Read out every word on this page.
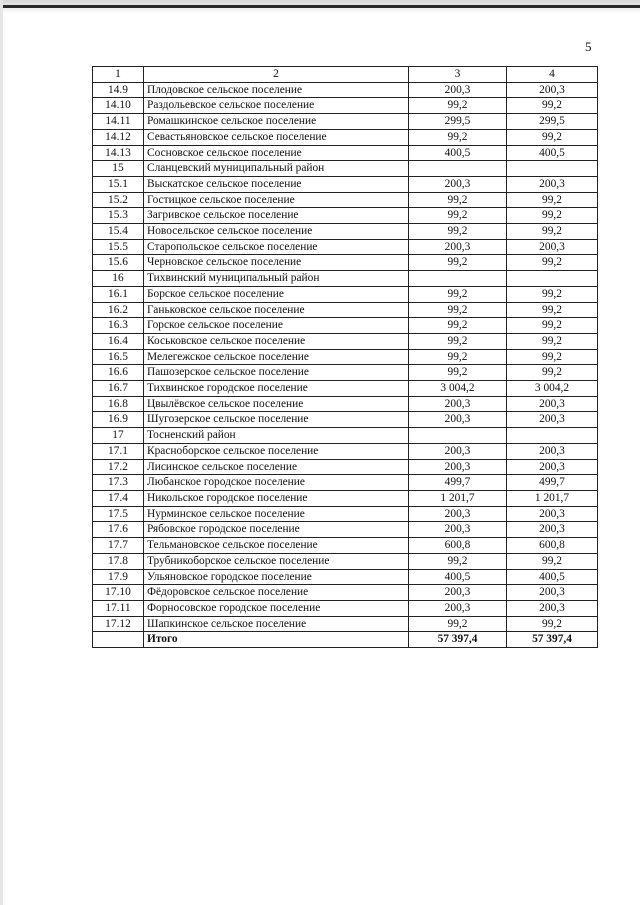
5
1	2	3	4
14.9	Плодовское сельское поселение	200,3	200,3
14.10	Раздольевское сельское поселение	99,2	99,2
14.11	Ромашкинское сельское поселение	299,5	299,5
14.12	Севастьяновское сельское поселение	99,2	99,2
14.13	Сосновское сельское поселение	400,5	400,5
15	Сланцевский муниципальный район		
15.1	Выскатское сельское поселение	200,3	200,3
15.2	Гостицкое сельское поселение	99,2	99,2
15.3	Загривское сельское поселение	99,2	99,2
15.4	Новосельское сельское поселение	99,2	99,2
15.5	Старопольское сельское поселение	200,3	200,3
15.6	Черновское сельское поселение	99,2	99,2
16	Тихвинский муниципальный район		
16.1	Борское сельское поселение	99,2	99,2
16.2	Ганьковское сельское поселение	99,2	99,2
16.3	Горское сельское поселение	99,2	99,2
16.4	Коськовское сельское поселение	99,2	99,2
16.5	Мелегежское сельское поселение	99,2	99,2
16.6	Пашозерское сельское поселение	99,2	99,2
16.7	Тихвинское городское поселение	3 004,2	3 004,2
16.8	Цвылёвское сельское поселение	200,3	200,3
16.9	Шугозерское сельское поселение	200,3	200,3
17	Тосненский район		
17.1	Красноборское сельское поселение	200,3	200,3
17.2	Лисинское сельское поселение	200,3	200,3
17.3	Любанское городское поселение	499,7	499,7
17.4	Никольское городское поселение	1 201,7	1 201,7
17.5	Нурминское сельское поселение	200,3	200,3
17.6	Рябовское городское поселение	200,3	200,3
17.7	Тельмановское сельское поселение	600,8	600,8
17.8	Трубникоборское сельское поселение	99,2	99,2
17.9	Ульяновское городское поселение	400,5	400,5
17.10	Фёдоровское сельское поселение	200,3	200,3
17.11	Форносовское городское поселение	200,3	200,3
17.12	Шапкинское сельское поселение	99,2	99,2
	Итого	57 397,4	57 397,4
